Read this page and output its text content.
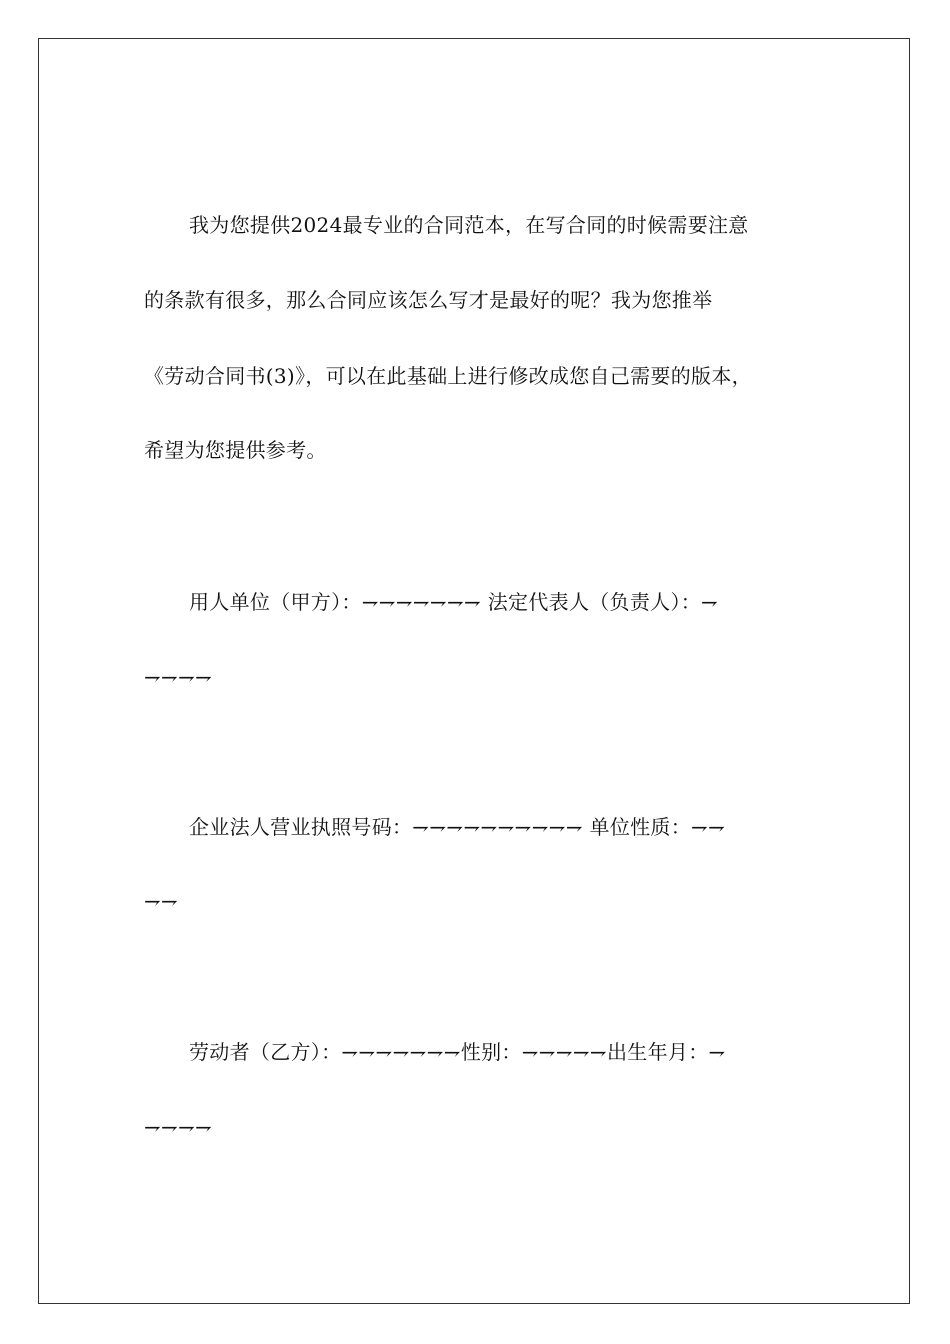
我为您提供2024最专业的合同范本，在写合同的时候需要注意
的条款有很多，那么合同应该怎么写才是最好的呢？我为您推举
《劳动合同书(3)》，可以在此基础上进行修改成您自己需要的版本，
希望为您提供参考。
用人单位（甲方）：⇁⇁⇁⇁⇁⇁⇁ 法定代表人（负责人）：⇁
⇁⇁⇁⇁
企业法人营业执照号码：⇁⇁⇁⇁⇁⇁⇁⇁⇁⇁ 单位性质：⇁⇁
⇁⇁
劳动者（乙方）：⇁⇁⇁⇁⇁⇁⇁性别：⇁⇁⇁⇁⇁出生年月：⇁
⇁⇁⇁⇁
